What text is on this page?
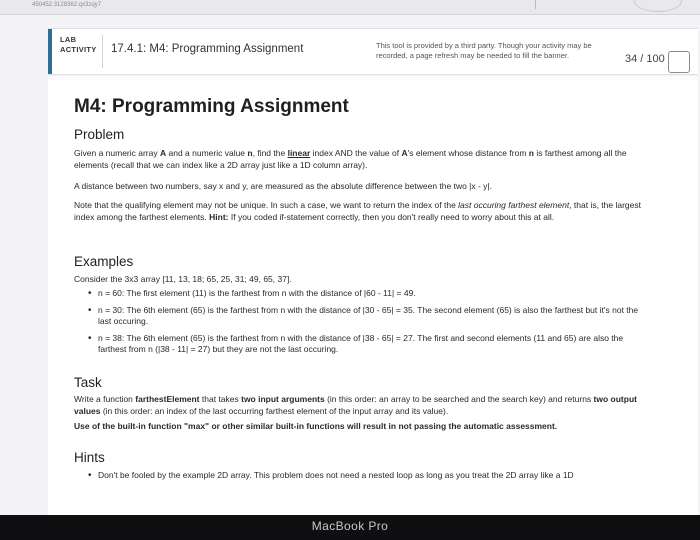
450452.3128362.qx3zqy7
LAB
ACTIVITY 17.4.1: M4: Programming Assignment	This tool is provided by a third party. Though your activity may be recorded, a page refresh may be needed to fill the banner.	34 / 100
M4: Programming Assignment
Problem
Given a numeric array A and a numeric value n, find the linear index AND the value of A's element whose distance from n is farthest among all the elements (recall that we can index like a 2D array just like a 1D column array).
A distance between two numbers, say x and y, are measured as the absolute difference between the two |x - y|.
Note that the qualifying element may not be unique. In such a case, we want to return the index of the last occuring farthest element, that is, the largest index among the farthest elements. Hint: If you coded if-statement correctly, then you don't really need to worry about this at all.
Examples
Consider the 3x3 array [11, 13, 18; 65, 25, 31; 49, 65, 37].
• n = 60: The first element (11) is the farthest from n with the distance of |60 - 11| = 49.
• n = 30: The 6th element (65) is the farthest from n with the distance of |30 - 65| = 35. The second element (65) is also the farthest but it's not the last occuring.
• n = 38: The 6th element (65) is the farthest from n with the distance of |38 - 65| = 27. The first and second elements (11 and 65) are also the farthest from n (|38 - 11| = 27) but they are not the last occuring.
Task
Write a function farthestElement that takes two input arguments (in this order: an array to be searched and the search key) and returns two output values (in this order: an index of the last occurring farthest element of the input array and its value).
Use of the built-in function "max" or other similar built-in functions will result in not passing the automatic assessment.
Hints
• Don't be fooled by the example 2D array. This problem does not need a nested loop as long as you treat the 2D array like a 1D
MacBook Pro
